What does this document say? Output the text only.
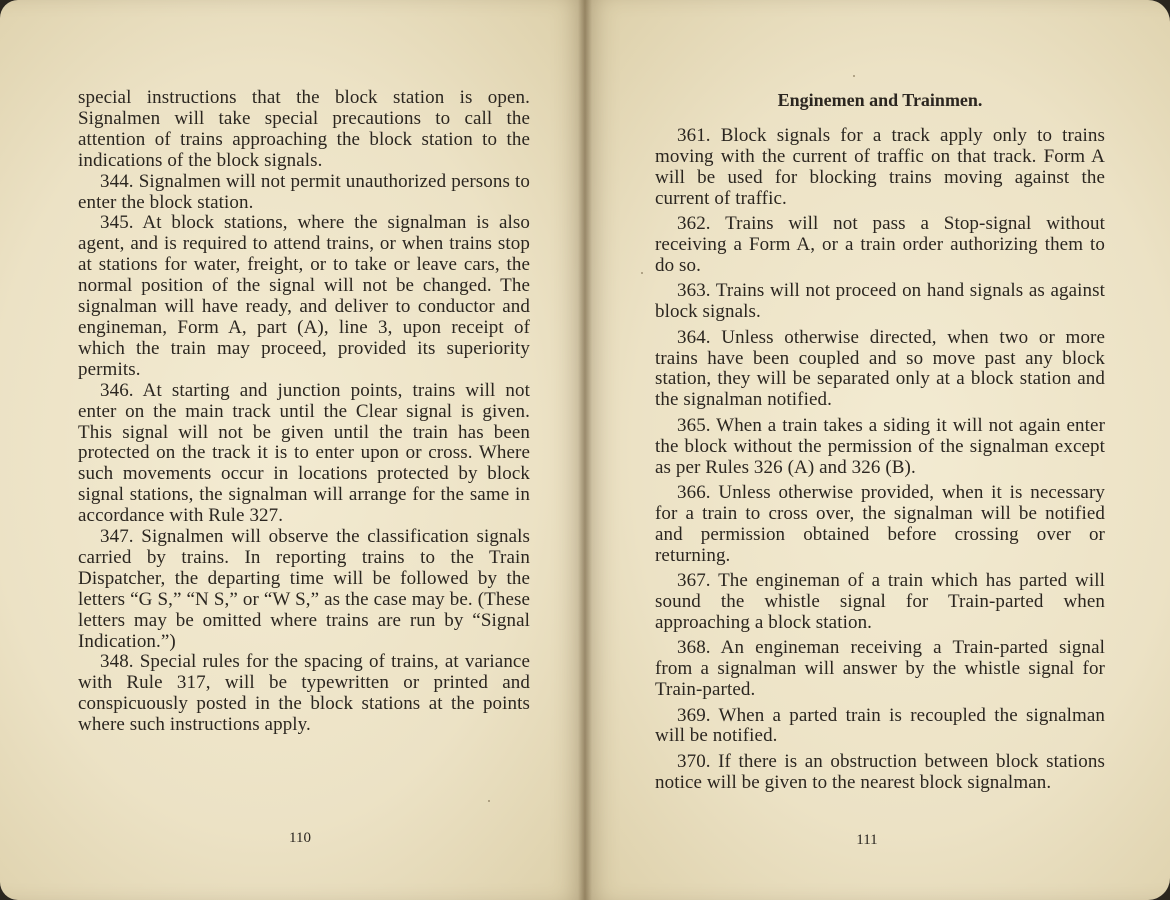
special instructions that the block station is open. Signalmen will take special precautions to call the attention of trains approaching the block station to the indications of the block signals.

344. Signalmen will not permit unauthorized persons to enter the block station.

345. At block stations, where the signalman is also agent, and is required to attend trains, or when trains stop at stations for water, freight, or to take or leave cars, the normal position of the signal will not be changed. The signalman will have ready, and deliver to conductor and engineman, Form A, part (A), line 3, upon receipt of which the train may proceed, provided its superiority permits.

346. At starting and junction points, trains will not enter on the main track until the Clear signal is given. This signal will not be given until the train has been protected on the track it is to enter upon or cross. Where such movements occur in locations protected by block signal stations, the signalman will arrange for the same in accordance with Rule 327.

347. Signalmen will observe the classification signals carried by trains. In reporting trains to the Train Dispatcher, the departing time will be followed by the letters “G S,” “N S,” or “W S,” as the case may be. (These letters may be omitted where trains are run by “Signal Indication.”)

348. Special rules for the spacing of trains, at variance with Rule 317, will be typewritten or printed and conspicuously posted in the block stations at the points where such instructions apply.

110
Enginemen and Trainmen.

361. Block signals for a track apply only to trains moving with the current of traffic on that track. Form A will be used for blocking trains moving against the current of traffic.

362. Trains will not pass a Stop-signal without receiving a Form A, or a train order authorizing them to do so.

363. Trains will not proceed on hand signals as against block signals.

364. Unless otherwise directed, when two or more trains have been coupled and so move past any block station, they will be separated only at a block station and the signalman notified.

365. When a train takes a siding it will not again enter the block without the permission of the signalman except as per Rules 326 (A) and 326 (B).

366. Unless otherwise provided, when it is necessary for a train to cross over, the signalman will be notified and permission obtained before crossing over or returning.

367. The engineman of a train which has parted will sound the whistle signal for Train-parted when approaching a block station.

368. An engineman receiving a Train-parted signal from a signalman will answer by the whistle signal for Train-parted.

369. When a parted train is recoupled the signalman will be notified.

370. If there is an obstruction between block stations notice will be given to the nearest block signalman.

111
